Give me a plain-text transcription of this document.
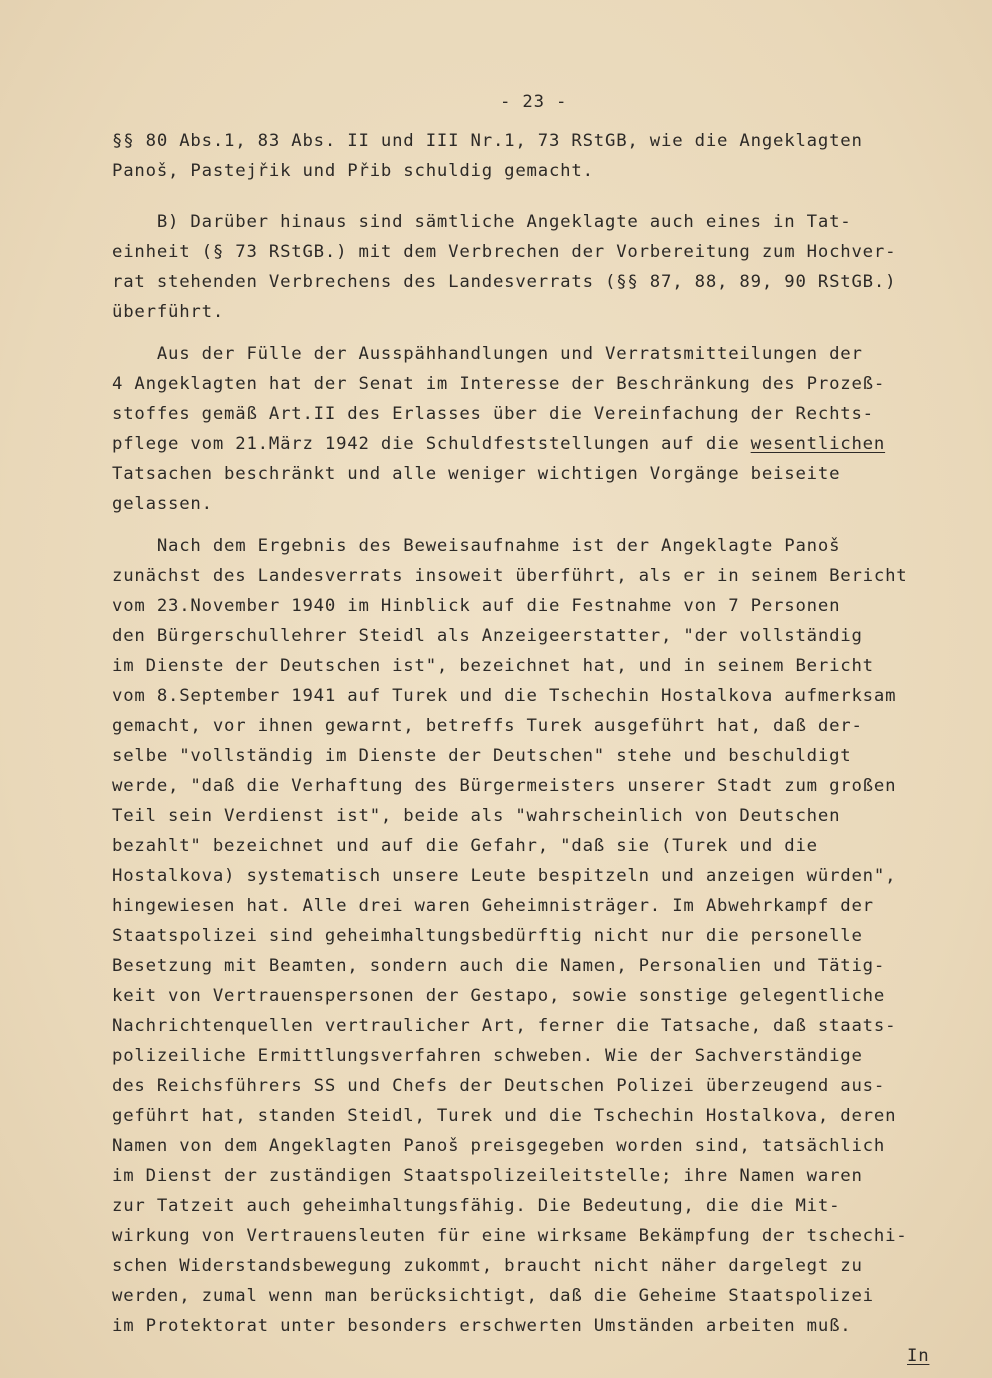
- 23 -
§§ 80 Abs.1, 83 Abs. II und III Nr.1, 73 RStGB, wie die Angeklagten
Panoš, Pastejřik und Přib schuldig gemacht.
B) Darüber hinaus sind sämtliche Angeklagte auch eines in Tat-
einheit (§ 73 RStGB.) mit dem Verbrechen der Vorbereitung zum Hochver-
rat stehenden Verbrechens des Landesverrats (§§ 87, 88, 89, 90 RStGB.)
überführt.
Aus der Fülle der Ausspähhandlungen und Verratsmitteilungen der
4 Angeklagten hat der Senat im Interesse der Beschränkung des Prozeß-
stoffes gemäß Art.II des Erlasses über die Vereinfachung der Rechts-
pflege vom 21.März 1942 die Schuldfeststellungen auf die wesentlichen
Tatsachen beschränkt und alle weniger wichtigen Vorgänge beiseite
gelassen.
Nach dem Ergebnis des Beweisaufnahme ist der Angeklagte Panoš
zunächst des Landesverrats insoweit überführt, als er in seinem Bericht
vom 23.November 1940 im Hinblick auf die Festnahme von 7 Personen
den Bürgerschullehrer Steidl als Anzeigeerstatter, "der vollständig
im Dienste der Deutschen ist", bezeichnet hat, und in seinem Bericht
vom 8.September 1941 auf Turek und die Tschechin Hostalkova aufmerksam
gemacht, vor ihnen gewarnt, betreffs Turek ausgeführt hat, daß der-
selbe "vollständig im Dienste der Deutschen" stehe und beschuldigt
werde, "daß die Verhaftung des Bürgermeisters unserer Stadt zum großen
Teil sein Verdienst ist", beide als "wahrscheinlich von Deutschen
bezahlt" bezeichnet und auf die Gefahr, "daß sie (Turek und die
Hostalkova) systematisch unsere Leute bespitzeln und anzeigen würden",
hingewiesen hat. Alle drei waren Geheimnisträger. Im Abwehrkampf der
Staatspolizei sind geheimhaltungsbedürftig nicht nur die personelle
Besetzung mit Beamten, sondern auch die Namen, Personalien und Tätig-
keit von Vertrauenspersonen der Gestapo, sowie sonstige gelegentliche
Nachrichtenquellen vertraulicher Art, ferner die Tatsache, daß staats-
polizeiliche Ermittlungsverfahren schweben. Wie der Sachverständige
des Reichsführers SS und Chefs der Deutschen Polizei überzeugend aus-
geführt hat, standen Steidl, Turek und die Tschechin Hostalkova, deren
Namen von dem Angeklagten Panoš preisgegeben worden sind, tatsächlich
im Dienst der zuständigen Staatspolizeileitstelle; ihre Namen waren
zur Tatzeit auch geheimhaltungsfähig. Die Bedeutung, die die Mit-
wirkung von Vertrauensleuten für eine wirksame Bekämpfung der tschechi-
schen Widerstandsbewegung zukommt, braucht nicht näher dargelegt zu
werden, zumal wenn man berücksichtigt, daß die Geheime Staatspolizei
im Protektorat unter besonders erschwerten Umständen arbeiten muß.
In
